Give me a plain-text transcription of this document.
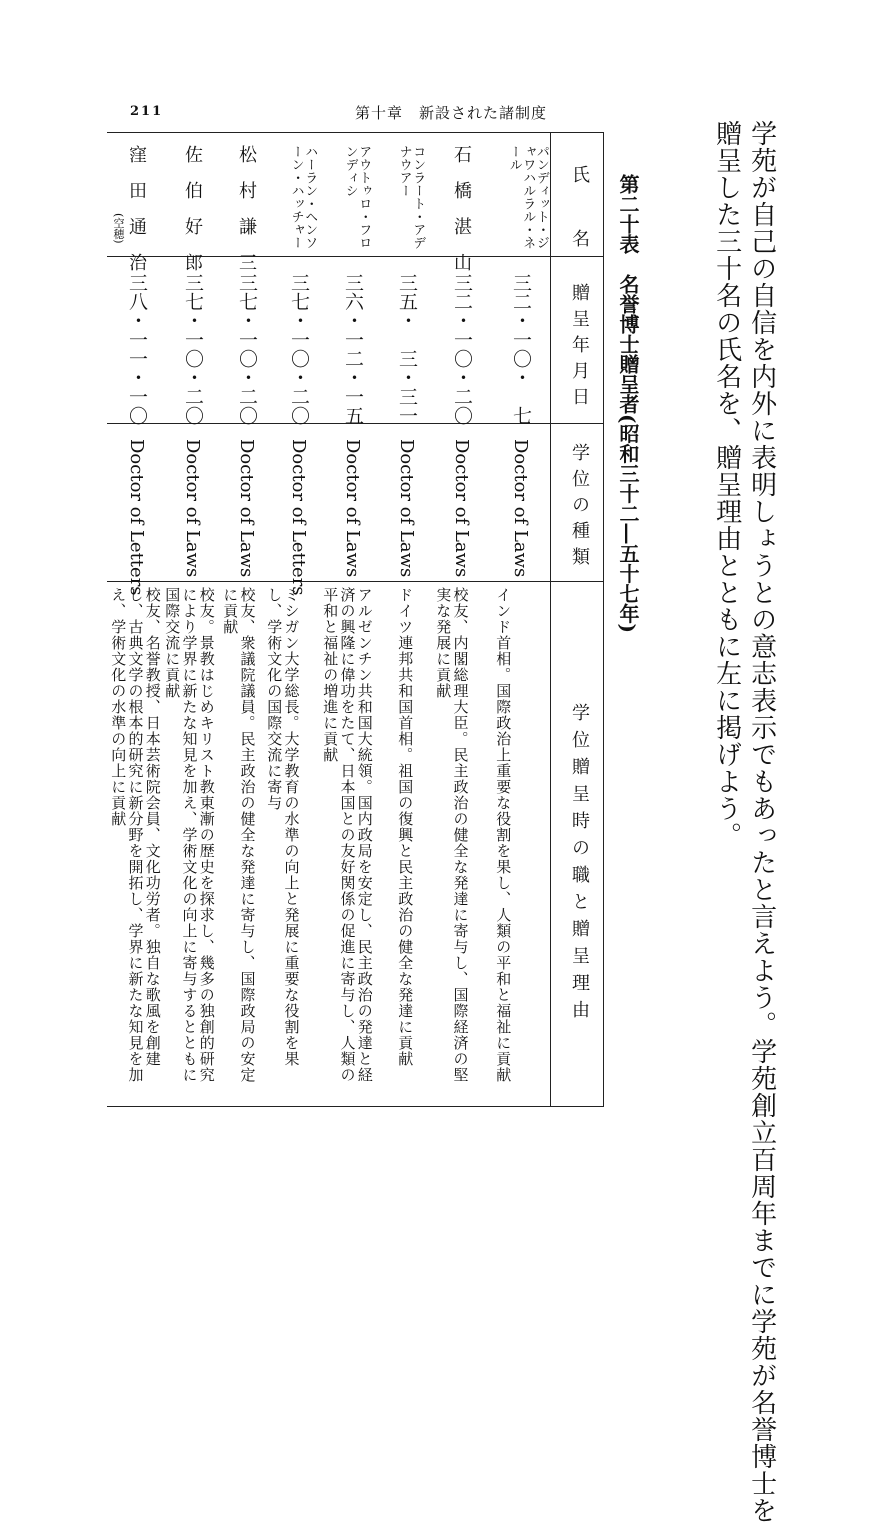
211	第十章　新設された諸制度
学苑が自己の自信を内外に表明しょうとの意志表示でもあったと言えよう。学苑創立百周年までに学苑が名誉博士を
贈呈した三十名の氏名を、贈呈理由とともに左に掲げよう。
第二十表　名誉博士贈呈者(昭和三十二―五十七年)
氏　名
贈呈年月日
学位の種類
学位贈呈時の職と贈呈理由
パンディット・ジャワハルラル・ネール
三二・一〇・　七
Doctor of Laws
インド首相。国際政治上重要な役割を果し、人類の平和と福祉に貢献
石　橋　湛　山
三二・一〇・二〇
Doctor of Laws
校友、内閣総理大臣。民主政治の健全な発達に寄与し、国際経済の堅実な発展に貢献
コンラート・アデナウアー
三五・　三・三一
Doctor of Laws
ドイツ連邦共和国首相。祖国の復興と民主政治の健全な発達に貢献
アウトゥロ・フロンディシ
三六・一二・一五
Doctor of Laws
アルゼンチン共和国大統領。国内政局を安定し、民主政治の発達と経済の興隆に偉功をたて、日本国との友好関係の促進に寄与し、人類の平和と福祉の増進に貢献
ハーラン・ヘンソーン・ハッチャー
三七・一〇・二〇
Doctor of Letters
ミシガン大学総長。大学教育の水準の向上と発展に重要な役割を果し、学術文化の国際交流に寄与
松　村　謙　三
三七・一〇・二〇
Doctor of Laws
校友、衆議院議員。民主政治の健全な発達に寄与し、国際政局の安定に貢献
佐　伯　好　郎
三七・一〇・二〇
Doctor of Laws
校友。景教はじめキリスト教東漸の歴史を探求し、幾多の独創的研究により学界に新たな知見を加え、学術文化の向上に寄与するとともに国際交流に貢献
窪　田　通　治
(空穂)
三八・一一・一〇
Doctor of Letters
校友、名誉教授、日本芸術院会員、文化功労者。独自な歌風を創建し、古典文学の根本的研究に新分野を開拓し、学界に新たな知見を加え、学術文化の水準の向上に貢献
